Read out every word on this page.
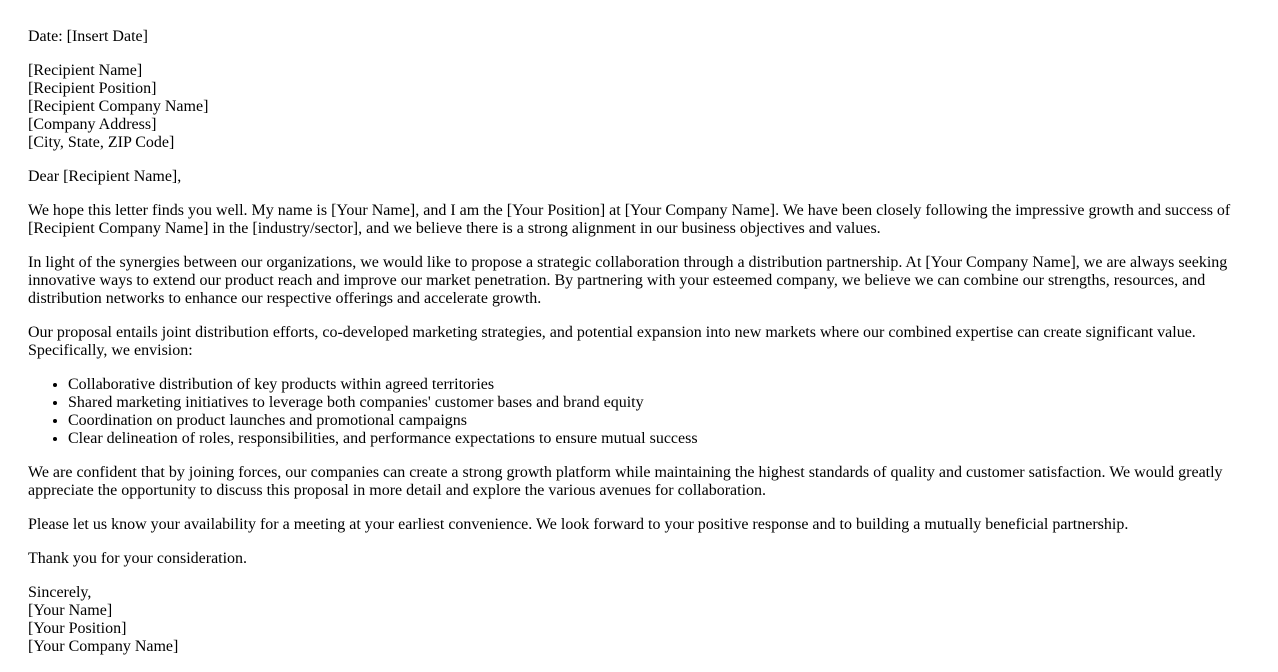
Date: [Insert Date]

[Recipient Name]
[Recipient Position]
[Recipient Company Name]
[Company Address]
[City, State, ZIP Code]

Dear [Recipient Name],

We hope this letter finds you well. My name is [Your Name], and I am the [Your Position] at [Your Company Name]. We have been closely following the impressive growth and success of [Recipient Company Name] in the [industry/sector], and we believe there is a strong alignment in our business objectives and values.

In light of the synergies between our organizations, we would like to propose a strategic collaboration through a distribution partnership. At [Your Company Name], we are always seeking innovative ways to extend our product reach and improve our market penetration. By partnering with your esteemed company, we believe we can combine our strengths, resources, and distribution networks to enhance our respective offerings and accelerate growth.

Our proposal entails joint distribution efforts, co-developed marketing strategies, and potential expansion into new markets where our combined expertise can create significant value. Specifically, we envision:

• Collaborative distribution of key products within agreed territories
• Shared marketing initiatives to leverage both companies' customer bases and brand equity
• Coordination on product launches and promotional campaigns
• Clear delineation of roles, responsibilities, and performance expectations to ensure mutual success

We are confident that by joining forces, our companies can create a strong growth platform while maintaining the highest standards of quality and customer satisfaction. We would greatly appreciate the opportunity to discuss this proposal in more detail and explore the various avenues for collaboration.

Please let us know your availability for a meeting at your earliest convenience. We look forward to your positive response and to building a mutually beneficial partnership.

Thank you for your consideration.

Sincerely,
[Your Name]
[Your Position]
[Your Company Name]
